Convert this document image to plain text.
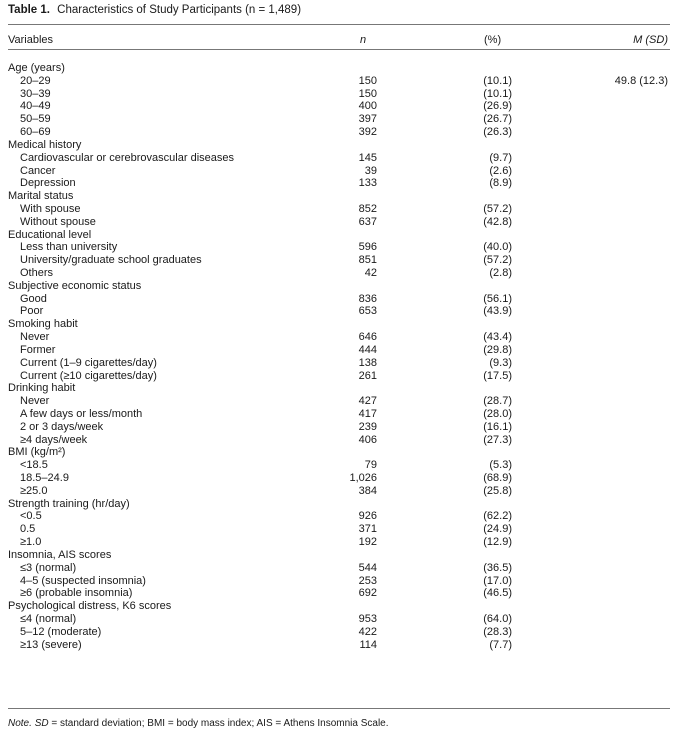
Table 1. Characteristics of Study Participants (n = 1,489)
Variables	n	(%)	M (SD)
Age (years)
20–29	150	(10.1)	49.8 (12.3)
30–39	150	(10.1)
40–49	400	(26.9)
50–59	397	(26.7)
60–69	392	(26.3)
Medical history
Cardiovascular or cerebrovascular diseases	145	(9.7)
Cancer	39	(2.6)
Depression	133	(8.9)
Marital status
With spouse	852	(57.2)
Without spouse	637	(42.8)
Educational level
Less than university	596	(40.0)
University/graduate school graduates	851	(57.2)
Others	42	(2.8)
Subjective economic status
Good	836	(56.1)
Poor	653	(43.9)
Smoking habit
Never	646	(43.4)
Former	444	(29.8)
Current (1–9 cigarettes/day)	138	(9.3)
Current (≥10 cigarettes/day)	261	(17.5)
Drinking habit
Never	427	(28.7)
A few days or less/month	417	(28.0)
2 or 3 days/week	239	(16.1)
≥4 days/week	406	(27.3)
BMI (kg/m²)
<18.5	79	(5.3)
18.5–24.9	1,026	(68.9)
≥25.0	384	(25.8)
Strength training (hr/day)
<0.5	926	(62.2)
0.5	371	(24.9)
≥1.0	192	(12.9)
Insomnia, AIS scores
≤3 (normal)	544	(36.5)
4–5 (suspected insomnia)	253	(17.0)
≥6 (probable insomnia)	692	(46.5)
Psychological distress, K6 scores
≤4 (normal)	953	(64.0)
5–12 (moderate)	422	(28.3)
≥13 (severe)	114	(7.7)
Note. SD = standard deviation; BMI = body mass index; AIS = Athens Insomnia Scale.
